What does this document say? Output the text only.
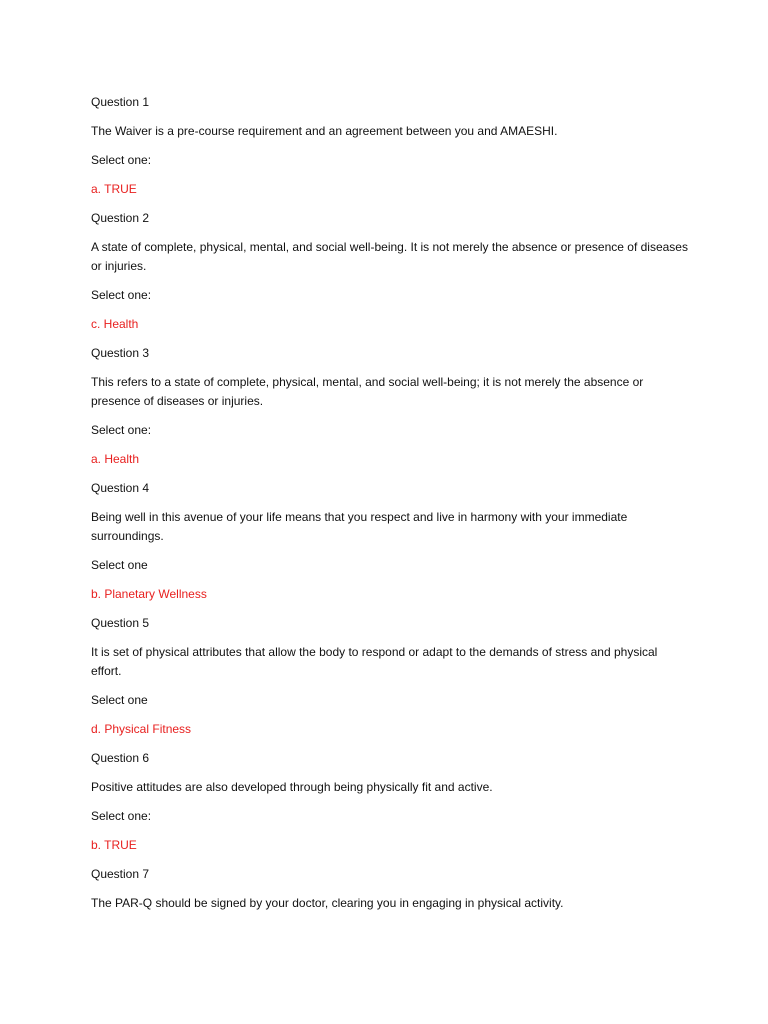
Question 1
The Waiver is a pre-course requirement and an agreement between you and AMAESHI.
Select one:
a. TRUE
Question 2
A state of complete, physical, mental, and social well-being. It is not merely the absence or presence of diseases or injuries.
Select one:
c. Health
Question 3
This refers to a state of complete, physical, mental, and social well-being; it is not merely the absence or presence of diseases or injuries.
Select one:
a. Health
Question 4
Being well in this avenue of your life means that you respect and live in harmony with your immediate surroundings.
Select one
b. Planetary Wellness
Question 5
It is set of physical attributes that allow the body to respond or adapt to the demands of stress and physical effort.
Select one
d. Physical Fitness
Question 6
Positive attitudes are also developed through being physically fit and active.
Select one:
b. TRUE
Question 7
The PAR-Q should be signed by your doctor, clearing you in engaging in physical activity.
